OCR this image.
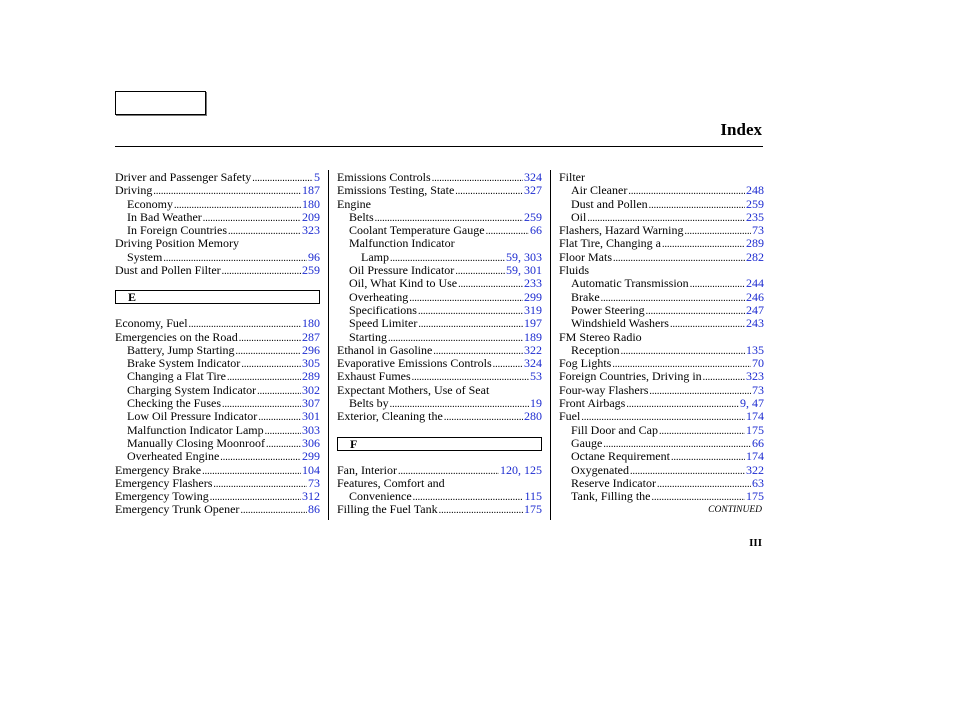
Index
Driver and Passenger Safety .....	5
Driving .....	187
Economy .....	180
In Bad Weather .....	209
In Foreign Countries .....	323
Driving Position Memory
System .....	96
Dust and Pollen Filter .....	259
E
Economy, Fuel .....	180
Emergencies on the Road .....	287
Battery, Jump Starting .....	296
Brake System Indicator .....	305
Changing a Flat Tire .....	289
Charging System Indicator .....	302
Checking the Fuses .....	307
Low Oil Pressure Indicator .....	301
Malfunction Indicator Lamp .....	303
Manually Closing Moonroof .....	306
Overheated Engine .....	299
Emergency Brake .....	104
Emergency Flashers .....	73
Emergency Towing .....	312
Emergency Trunk Opener .....	86
Emissions Controls .....	324
Emissions Testing, State .....	327
Engine
Belts .....	259
Coolant Temperature Gauge .....	66
Malfunction Indicator
Lamp .....	59, 303
Oil Pressure Indicator .....	59, 301
Oil, What Kind to Use .....	233
Overheating .....	299
Specifications .....	319
Speed Limiter .....	197
Starting .....	189
Ethanol in Gasoline .....	322
Evaporative Emissions Controls .....	324
Exhaust Fumes .....	53
Expectant Mothers, Use of Seat
Belts by .....	19
Exterior, Cleaning the .....	280
F
Fan, Interior .....	120, 125
Features, Comfort and
Convenience .....	115
Filling the Fuel Tank .....	175
Filter
Air Cleaner .....	248
Dust and Pollen .....	259
Oil .....	235
Flashers, Hazard Warning .....	73
Flat Tire, Changing a .....	289
Floor Mats .....	282
Fluids
Automatic Transmission .....	244
Brake .....	246
Power Steering .....	247
Windshield Washers .....	243
FM Stereo Radio
Reception .....	135
Fog Lights .....	70
Foreign Countries, Driving in .....	323
Four-way Flashers .....	73
Front Airbags .....	9, 47
Fuel .....	174
Fill Door and Cap .....	175
Gauge .....	66
Octane Requirement .....	174
Oxygenated .....	322
Reserve Indicator .....	63
Tank, Filling the .....	175
CONTINUED
III
